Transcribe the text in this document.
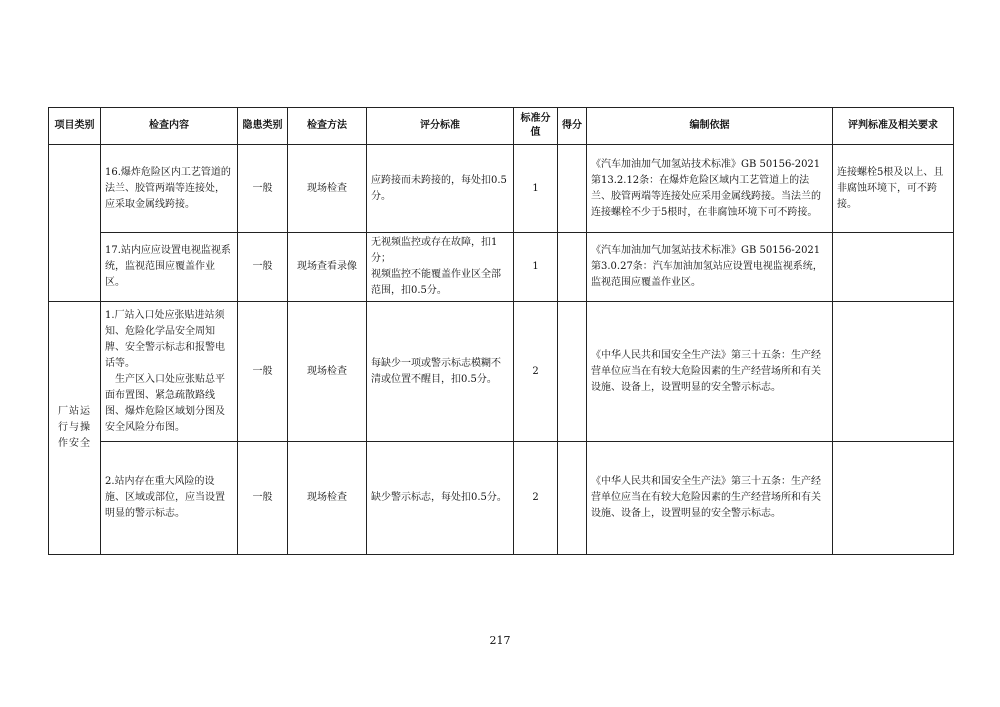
项目类别	检查内容	隐患类别	检查方法	评分标准	标准分值	得分	编制依据	评判标准及相关要求
	16.爆炸危险区内工艺管道的法兰、胶管两端等连接处，应采取金属线跨接。	一般	现场检查	应跨接而未跨接的，每处扣0.5分。	1		《汽车加油加气加氢站技术标准》GB 50156-2021第13.2.12条：在爆炸危险区域内工艺管道上的法兰、胶管两端等连接处应采用金属线跨接。当法兰的连接螺栓不少于5根时，在非腐蚀环境下可不跨接。	连接螺栓5根及以上、且非腐蚀环境下，可不跨接。
	17.站内应应设置电视监视系统，监视范围应覆盖作业区。	一般	现场查看录像	无视频监控或存在故障，扣1分；
视频监控不能覆盖作业区全部范围，扣0.5分。	1		《汽车加油加气加氢站技术标准》GB 50156-2021第3.0.27条：汽车加油加氢站应设置电视监视系统，监视范围应覆盖作业区。	
厂站运行与操作安全	1.厂站入口处应张贴进站须知、危险化学品安全周知牌、安全警示标志和报警电话等。
　生产区入口处应张贴总平面布置图、紧急疏散路线图、爆炸危险区域划分图及安全风险分布图。	一般	现场检查	每缺少一项或警示标志模糊不清或位置不醒目，扣0.5分。	2		《中华人民共和国安全生产法》第三十五条：生产经营单位应当在有较大危险因素的生产经营场所和有关设施、设备上，设置明显的安全警示标志。	
	2.站内存在重大风险的设施、区域或部位，应当设置明显的警示标志。	一般	现场检查	缺少警示标志，每处扣0.5分。	2		《中华人民共和国安全生产法》第三十五条：生产经营单位应当在有较大危险因素的生产经营场所和有关设施、设备上，设置明显的安全警示标志。	
217
